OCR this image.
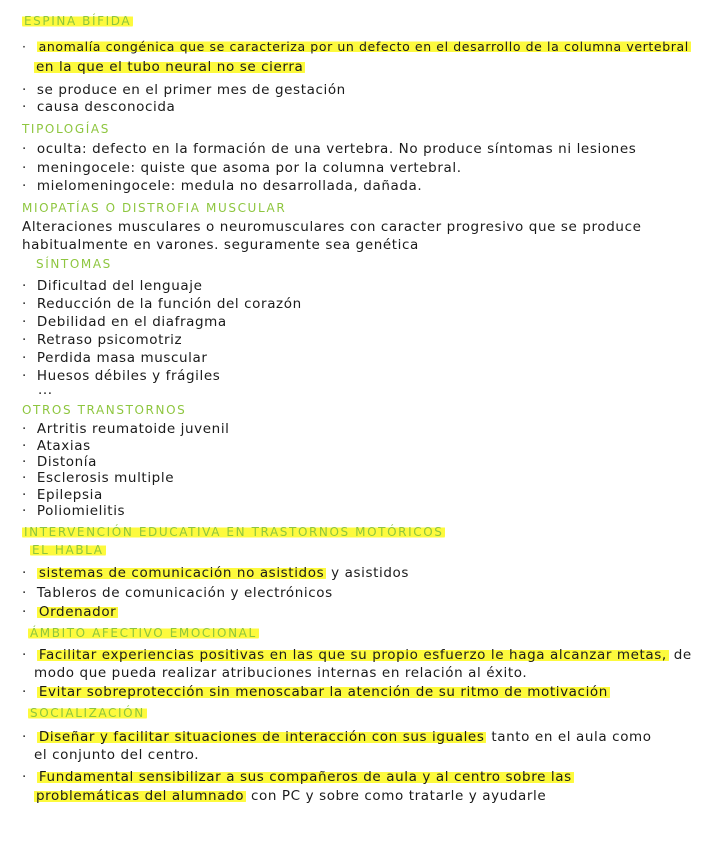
ESPINA BÍFIDA
· anomalía congénica que se caracteriza por un defecto en el desarrollo de la columna vertebral
en la que el tubo neural no se cierra
· se produce en el primer mes de gestación
· causa desconocida
TIPOLOGÍAS
· oculta: defecto en la formación de una vertebra. No produce síntomas ni lesiones
· meningocele: quiste que asoma por la columna vertebral.
· mielomeningocele: medula no desarrollada, dañada.
MIOPATÍAS O DISTROFIA MUSCULAR
Alteraciones musculares o neuromusculares con caracter progresivo que se produce
habitualmente en varones. seguramente sea genética
SÍNTOMAS
· Dificultad del lenguaje
· Reducción de la función del corazón
· Debilidad en el diafragma
· Retraso psicomotriz
· Perdida masa muscular
· Huesos débiles y frágiles
...
OTROS TRANSTORNOS
· Artritis reumatoide juvenil
· Ataxias
· Distonía
· Esclerosis multiple
· Epilepsia
· Poliomielitis
INTERVENCIÓN EDUCATIVA EN TRASTORNOS MOTÓRICOS
EL HABLA
· sistemas de comunicación no asistidos y asistidos
· Tableros de comunicación y electrónicos
· Ordenador
ÁMBITO AFECTIVO EMOCIONAL
· Facilitar experiencias positivas en las que su propio esfuerzo le haga alcanzar metas, de
modo que pueda realizar atribuciones internas en relación al éxito.
· Evitar sobreprotección sin menoscabar la atención de su ritmo de motivación
SOCIALIZACIÓN
· Diseñar y facilitar situaciones de interacción con sus iguales tanto en el aula como
el conjunto del centro.
· Fundamental sensibilizar a sus compañeros de aula y al centro sobre las
problemáticas del alumnado con PC y sobre como tratarle y ayudarle
